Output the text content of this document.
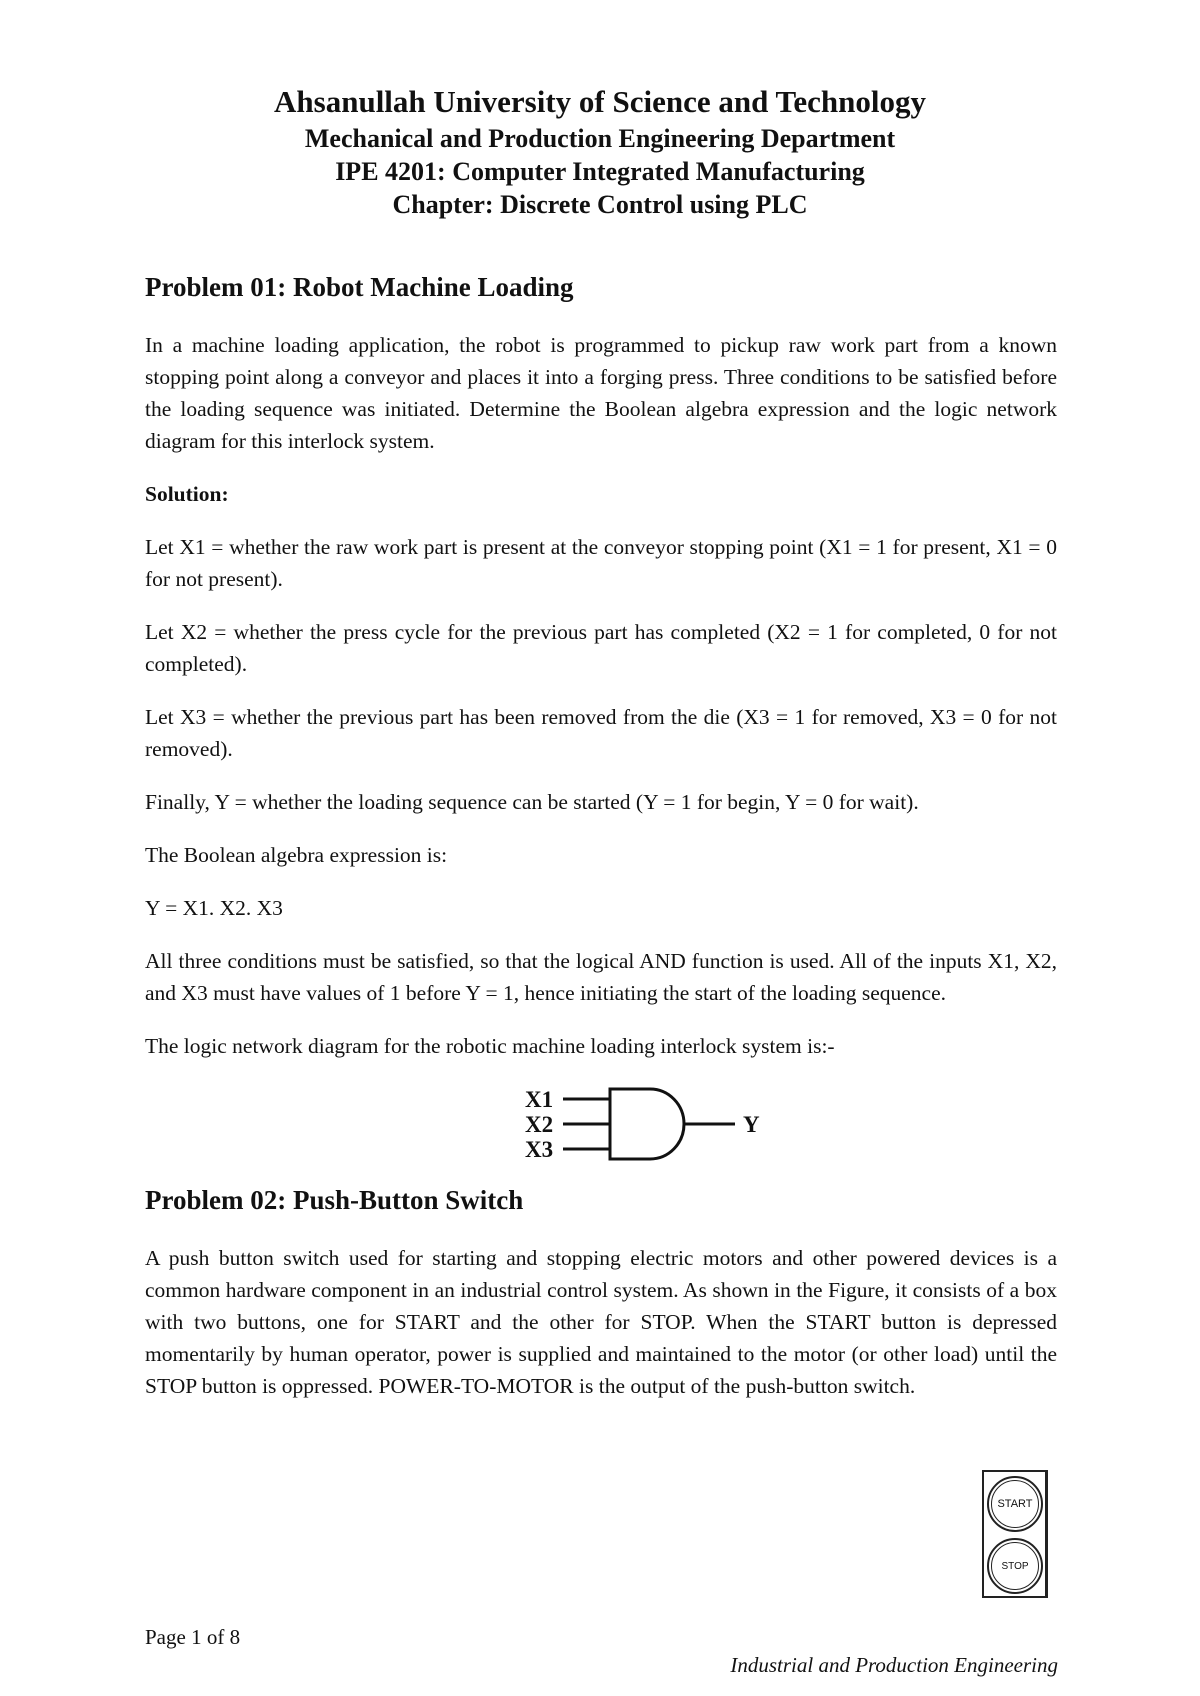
Ahsanullah University of Science and Technology
Mechanical and Production Engineering Department
IPE 4201: Computer Integrated Manufacturing
Chapter: Discrete Control using PLC
Problem 01: Robot Machine Loading

In a machine loading application, the robot is programmed to pickup raw work part from a known stopping point along a conveyor and places it into a forging press. Three conditions to be satisfied before the loading sequence was initiated. Determine the Boolean algebra expression and the logic network diagram for this interlock system.

Solution:

Let X1 = whether the raw work part is present at the conveyor stopping point (X1 = 1 for present, X1 = 0 for not present).

Let X2 = whether the press cycle for the previous part has completed (X2 = 1 for completed, 0 for not completed).

Let X3 = whether the previous part has been removed from the die (X3 = 1 for removed, X3 = 0 for not removed).

Finally, Y = whether the loading sequence can be started (Y = 1 for begin, Y = 0 for wait).

The Boolean algebra expression is:

Y = X1. X2. X3

All three conditions must be satisfied, so that the logical AND function is used. All of the inputs X1, X2, and X3 must have values of 1 before Y = 1, hence initiating the start of the loading sequence.

The logic network diagram for the robotic machine loading interlock system is:-

X1
X2
X3
Y
Problem 02: Push-Button Switch

A push button switch used for starting and stopping electric motors and other powered devices is a common hardware component in an industrial control system. As shown in the Figure, it consists of a box with two buttons, one for START and the other for STOP. When the START button is depressed momentarily by human operator, power is supplied and maintained to the motor (or other load) until the STOP button is oppressed. POWER-TO-MOTOR is the output of the push-button switch.

START
STOP
Page 1 of 8
Industrial and Production Engineering
